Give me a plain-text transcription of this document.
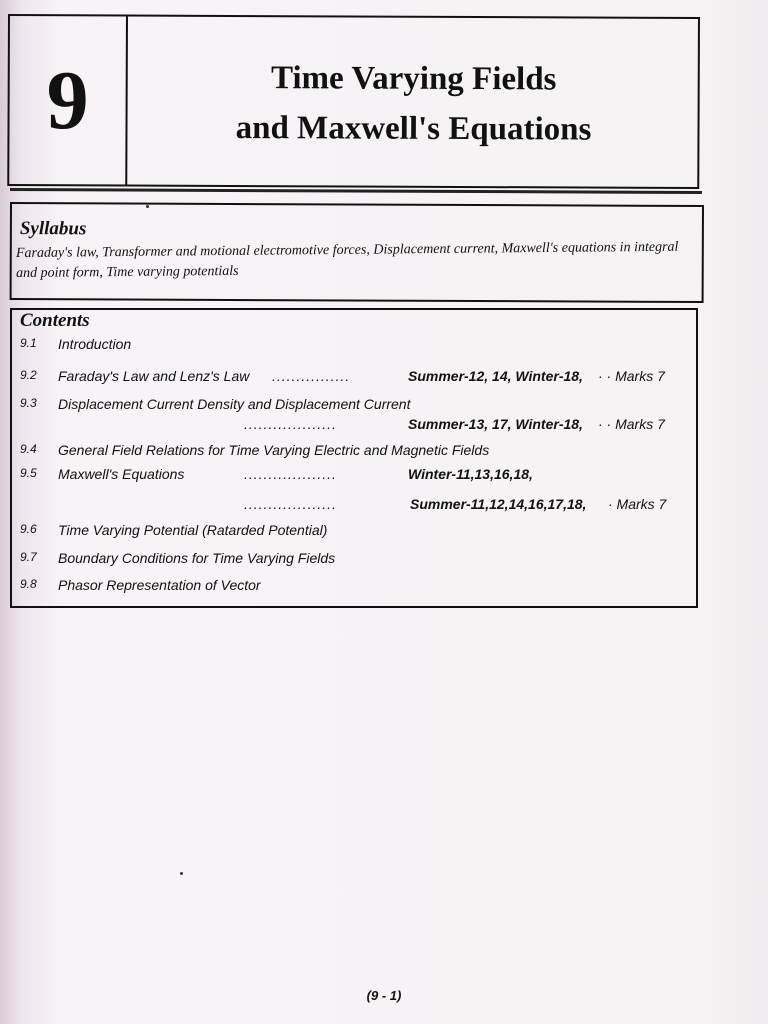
9	Time Varying Fields
and Maxwell's Equations
Syllabus
Faraday's law, Transformer and motional electromotive forces, Displacement current, Maxwell's equations in integral and point form, Time varying potentials
Contents
9.1 Introduction
9.2 Faraday's Law and Lenz's Law ................	Summer-12, 14, Winter-18, · · Marks 7
9.3 Displacement Current Density and Displacement Current
...................	Summer-13, 17, Winter-18, · · Marks 7
9.4 General Field Relations for Time Varying Electric and Magnetic Fields
9.5 Maxwell's Equations	...................	Winter-11,13,16,18,
...................	Summer-11,12,14,16,17,18, · Marks 7
9.6 Time Varying Potential (Ratarded Potential)
9.7 Boundary Conditions for Time Varying Fields
9.8 Phasor Representation of Vector
(9 - 1)
